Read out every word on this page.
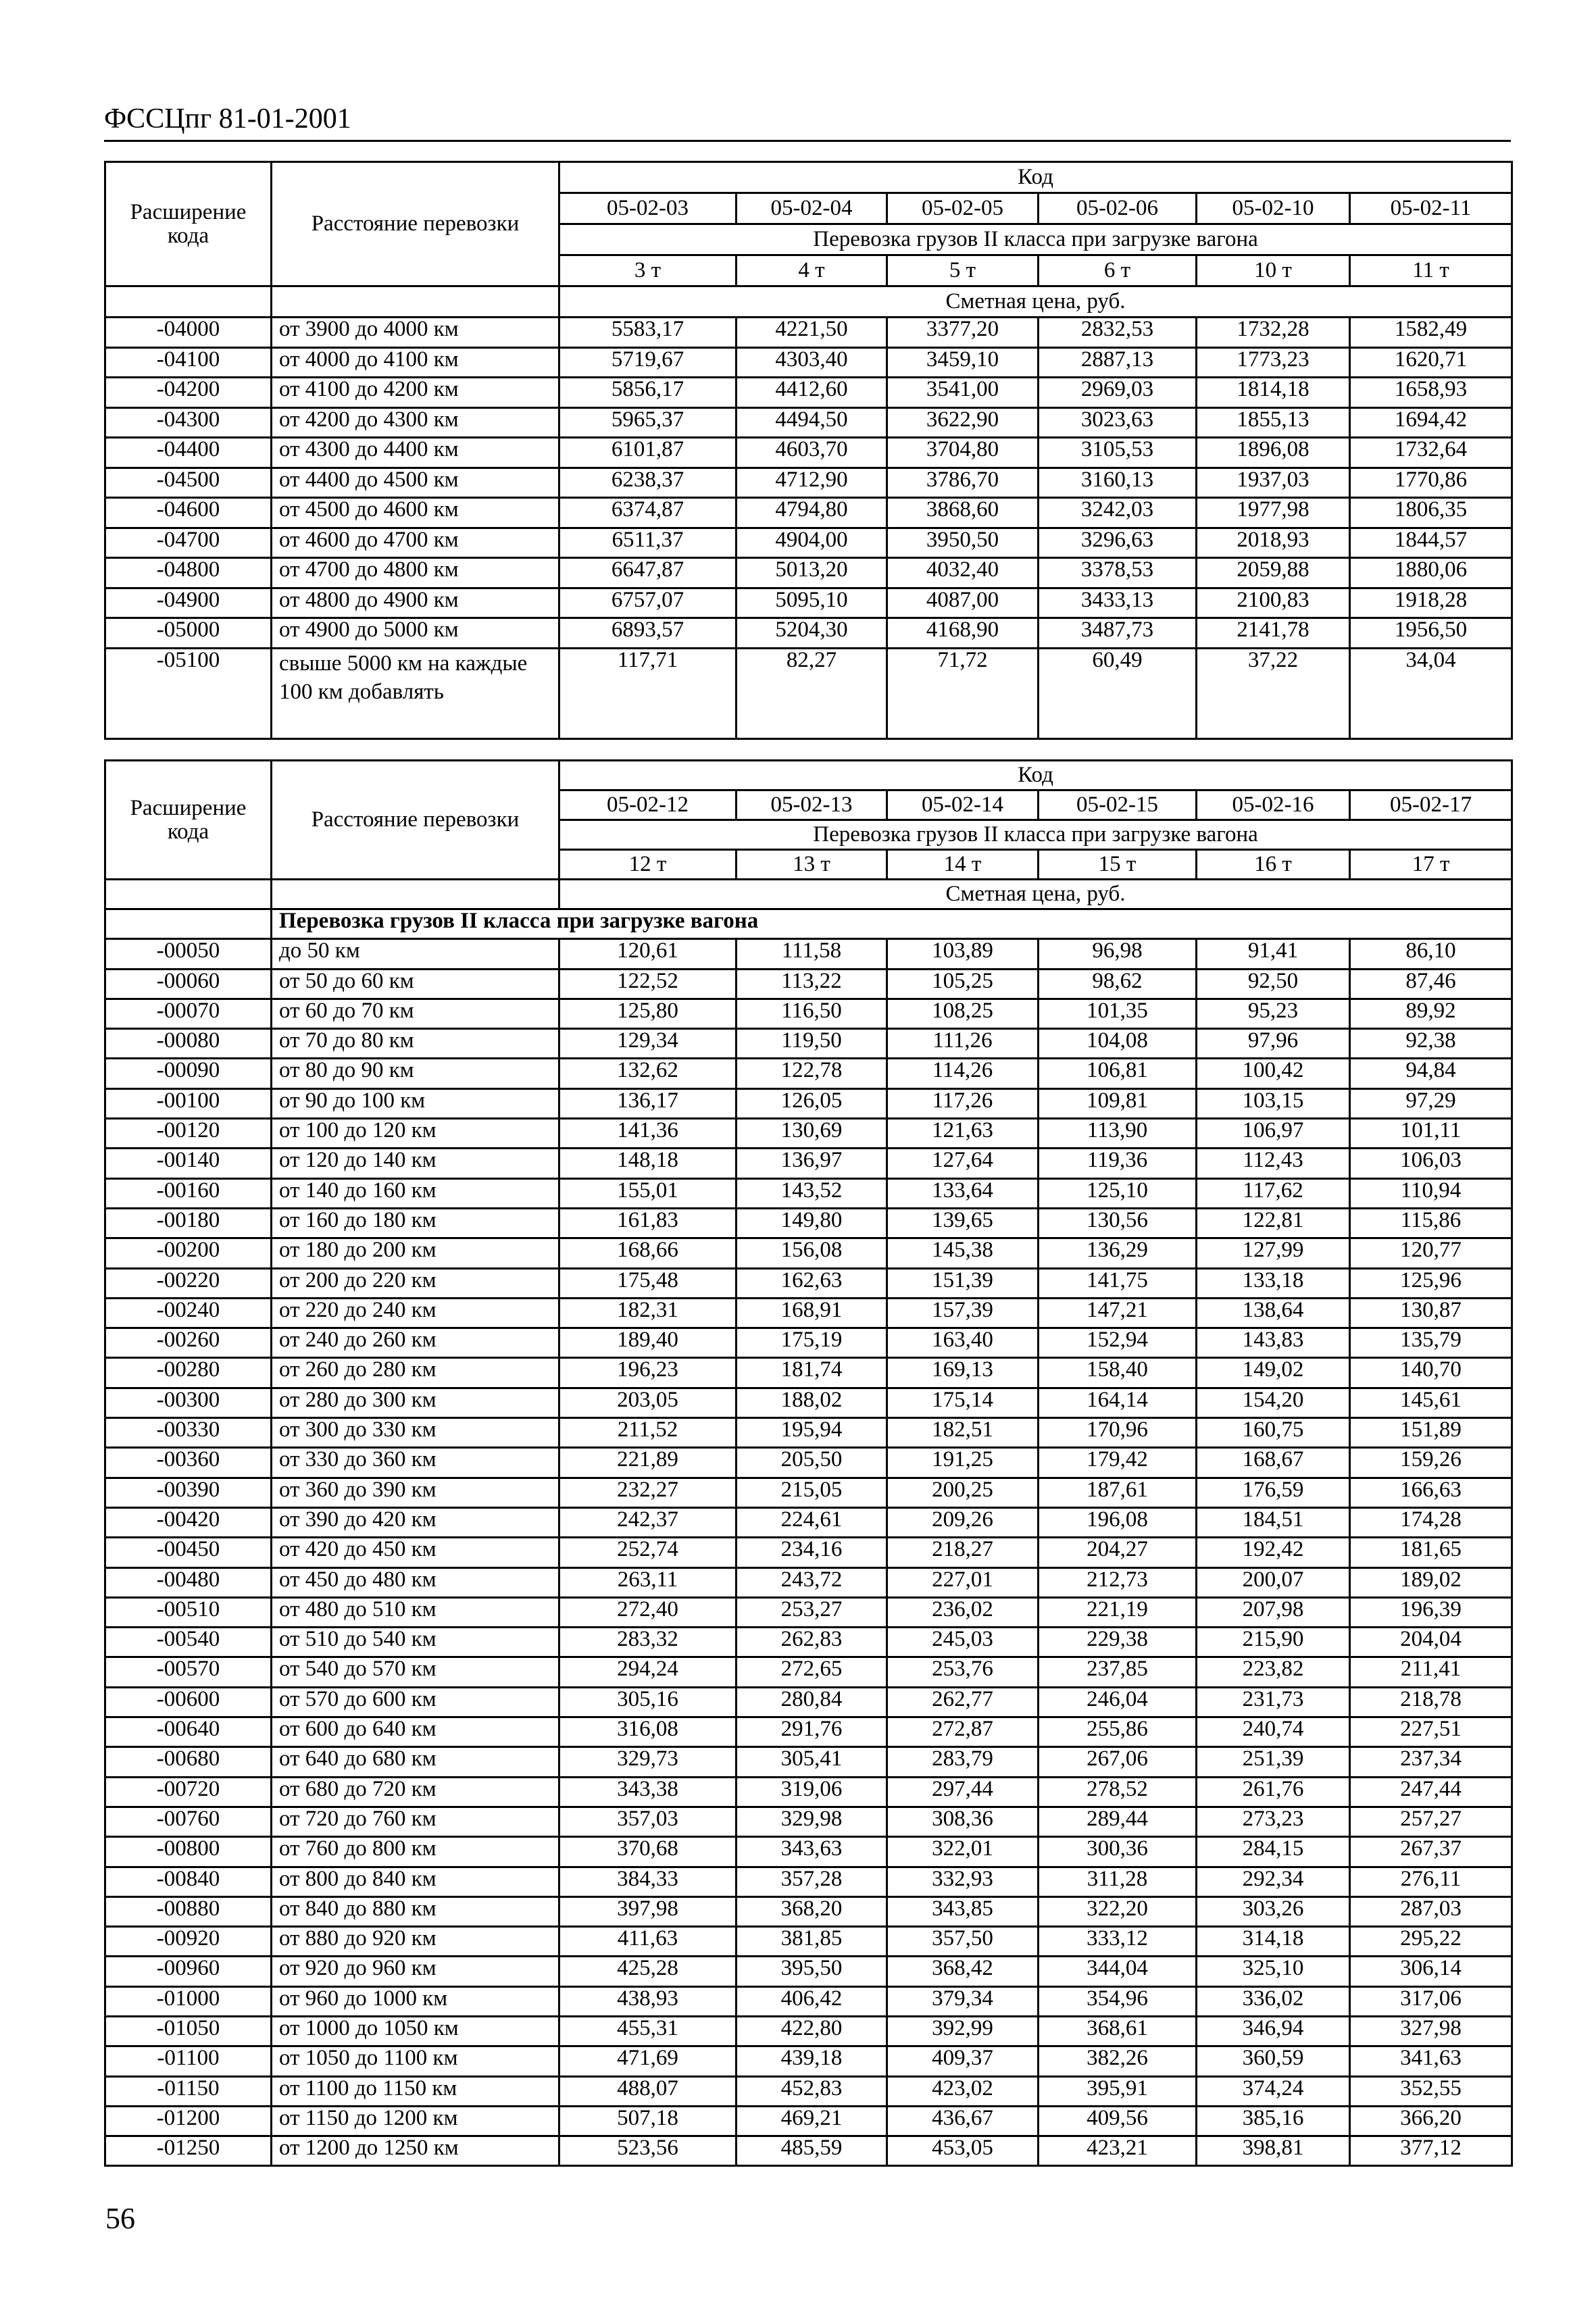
ФССЦпг 81-01-2001
Расширение кода	Расстояние перевозки	Код					
		05-02-03	05-02-04	05-02-05	05-02-06	05-02-10	05-02-11
		Перевозка грузов II класса при загрузке вагона					
		3 т	4 т	5 т	6 т	10 т	11 т
		Сметная цена, руб.					
-04000	от 3900 до 4000 км	5583,17	4221,50	3377,20	2832,53	1732,28	1582,49
-04100	от 4000 до 4100 км	5719,67	4303,40	3459,10	2887,13	1773,23	1620,71
-04200	от 4100 до 4200 км	5856,17	4412,60	3541,00	2969,03	1814,18	1658,93
-04300	от 4200 до 4300 км	5965,37	4494,50	3622,90	3023,63	1855,13	1694,42
-04400	от 4300 до 4400 км	6101,87	4603,70	3704,80	3105,53	1896,08	1732,64
-04500	от 4400 до 4500 км	6238,37	4712,90	3786,70	3160,13	1937,03	1770,86
-04600	от 4500 до 4600 км	6374,87	4794,80	3868,60	3242,03	1977,98	1806,35
-04700	от 4600 до 4700 км	6511,37	4904,00	3950,50	3296,63	2018,93	1844,57
-04800	от 4700 до 4800 км	6647,87	5013,20	4032,40	3378,53	2059,88	1880,06
-04900	от 4800 до 4900 км	6757,07	5095,10	4087,00	3433,13	2100,83	1918,28
-05000	от 4900 до 5000 км	6893,57	5204,30	4168,90	3487,73	2141,78	1956,50
-05100	свыше 5000 км на каждые 100 км добавлять	117,71	82,27	71,72	60,49	37,22	34,04
Расширение кода	Расстояние перевозки	Код					
		05-02-12	05-02-13	05-02-14	05-02-15	05-02-16	05-02-17
		Перевозка грузов II класса при загрузке вагона					
		12 т	13 т	14 т	15 т	16 т	17 т
		Сметная цена, руб.					
	Перевозка грузов II класса при загрузке вагона						
-00050	до 50 км	120,61	111,58	103,89	96,98	91,41	86,10
-00060	от 50 до 60 км	122,52	113,22	105,25	98,62	92,50	87,46
-00070	от 60 до 70 км	125,80	116,50	108,25	101,35	95,23	89,92
-00080	от 70 до 80 км	129,34	119,50	111,26	104,08	97,96	92,38
-00090	от 80 до 90 км	132,62	122,78	114,26	106,81	100,42	94,84
-00100	от 90 до 100 км	136,17	126,05	117,26	109,81	103,15	97,29
-00120	от 100 до 120 км	141,36	130,69	121,63	113,90	106,97	101,11
-00140	от 120 до 140 км	148,18	136,97	127,64	119,36	112,43	106,03
-00160	от 140 до 160 км	155,01	143,52	133,64	125,10	117,62	110,94
-00180	от 160 до 180 км	161,83	149,80	139,65	130,56	122,81	115,86
-00200	от 180 до 200 км	168,66	156,08	145,38	136,29	127,99	120,77
-00220	от 200 до 220 км	175,48	162,63	151,39	141,75	133,18	125,96
-00240	от 220 до 240 км	182,31	168,91	157,39	147,21	138,64	130,87
-00260	от 240 до 260 км	189,40	175,19	163,40	152,94	143,83	135,79
-00280	от 260 до 280 км	196,23	181,74	169,13	158,40	149,02	140,70
-00300	от 280 до 300 км	203,05	188,02	175,14	164,14	154,20	145,61
-00330	от 300 до 330 км	211,52	195,94	182,51	170,96	160,75	151,89
-00360	от 330 до 360 км	221,89	205,50	191,25	179,42	168,67	159,26
-00390	от 360 до 390 км	232,27	215,05	200,25	187,61	176,59	166,63
-00420	от 390 до 420 км	242,37	224,61	209,26	196,08	184,51	174,28
-00450	от 420 до 450 км	252,74	234,16	218,27	204,27	192,42	181,65
-00480	от 450 до 480 км	263,11	243,72	227,01	212,73	200,07	189,02
-00510	от 480 до 510 км	272,40	253,27	236,02	221,19	207,98	196,39
-00540	от 510 до 540 км	283,32	262,83	245,03	229,38	215,90	204,04
-00570	от 540 до 570 км	294,24	272,65	253,76	237,85	223,82	211,41
-00600	от 570 до 600 км	305,16	280,84	262,77	246,04	231,73	218,78
-00640	от 600 до 640 км	316,08	291,76	272,87	255,86	240,74	227,51
-00680	от 640 до 680 км	329,73	305,41	283,79	267,06	251,39	237,34
-00720	от 680 до 720 км	343,38	319,06	297,44	278,52	261,76	247,44
-00760	от 720 до 760 км	357,03	329,98	308,36	289,44	273,23	257,27
-00800	от 760 до 800 км	370,68	343,63	322,01	300,36	284,15	267,37
-00840	от 800 до 840 км	384,33	357,28	332,93	311,28	292,34	276,11
-00880	от 840 до 880 км	397,98	368,20	343,85	322,20	303,26	287,03
-00920	от 880 до 920 км	411,63	381,85	357,50	333,12	314,18	295,22
-00960	от 920 до 960 км	425,28	395,50	368,42	344,04	325,10	306,14
-01000	от 960 до 1000 км	438,93	406,42	379,34	354,96	336,02	317,06
-01050	от 1000 до 1050 км	455,31	422,80	392,99	368,61	346,94	327,98
-01100	от 1050 до 1100 км	471,69	439,18	409,37	382,26	360,59	341,63
-01150	от 1100 до 1150 км	488,07	452,83	423,02	395,91	374,24	352,55
-01200	от 1150 до 1200 км	507,18	469,21	436,67	409,56	385,16	366,20
-01250	от 1200 до 1250 км	523,56	485,59	453,05	423,21	398,81	377,12
56
